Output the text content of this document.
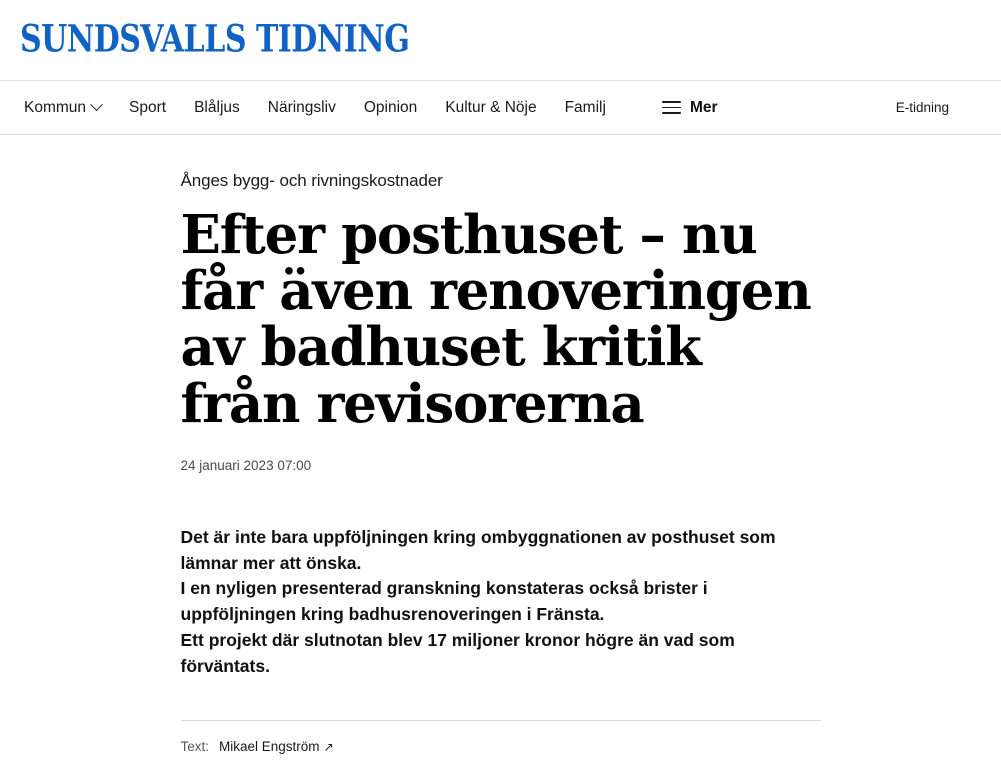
SUNDSVALLS TIDNING
Kommun	Sport Blåljus Näringsliv Opinion Kultur & Nöje Familj	Mer	E-tidning
Ånges bygg- och rivningskostnader
Efter posthuset – nu får även renoveringen av badhuset kritik från revisorerna
24 januari 2023 07:00

Det är inte bara uppföljningen kring ombyggnationen av posthuset som lämnar mer att önska.

I en nyligen presenterad granskning konstateras också brister i uppföljningen kring badhusrenoveringen i Fränsta.

Ett projekt där slutnotan blev 17 miljoner kronor högre än vad som förväntats.

Text: Mikael Engström ↗
